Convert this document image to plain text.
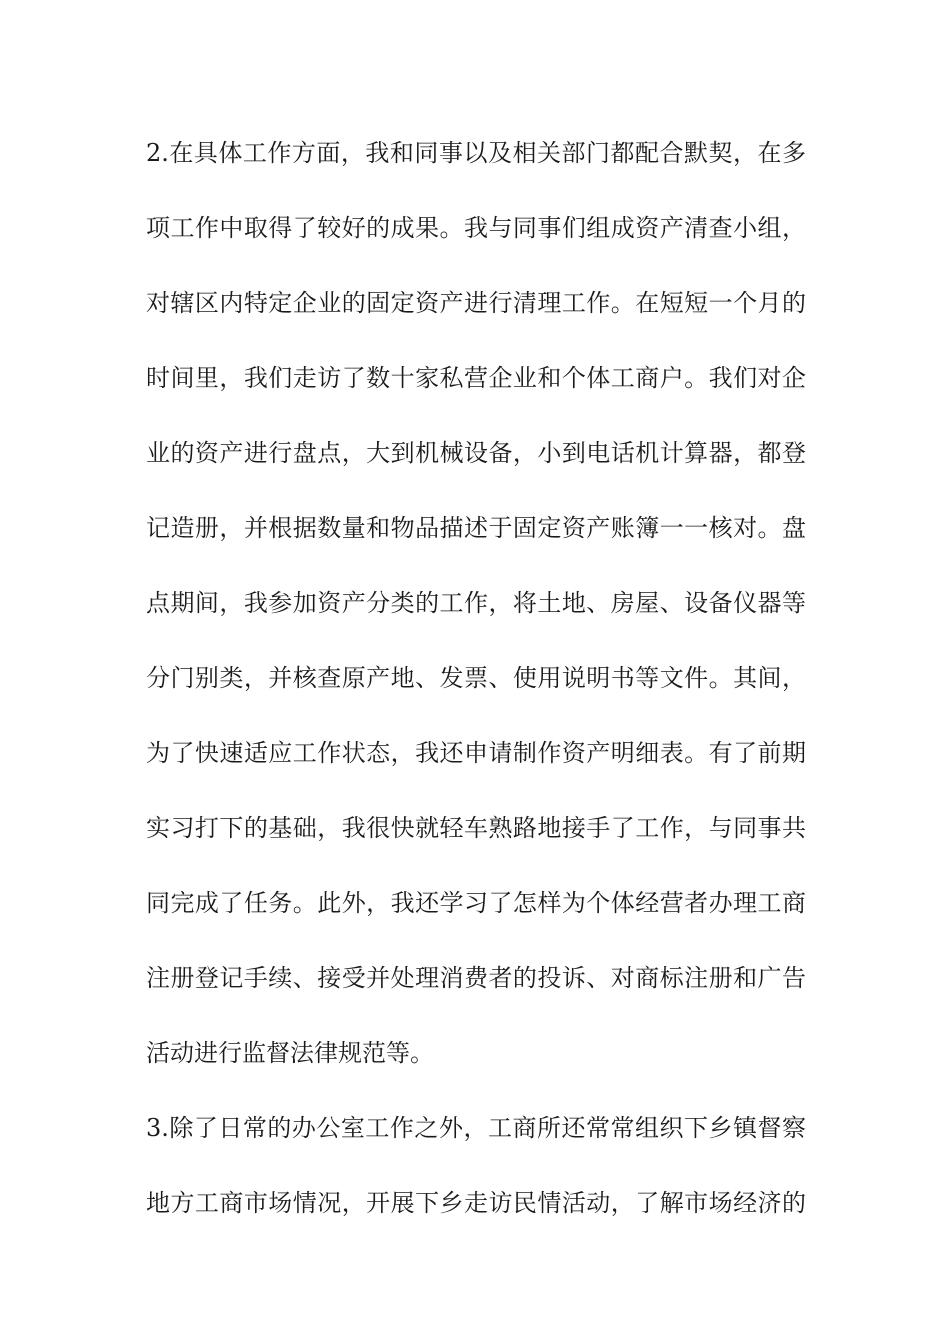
2.在具体工作方面，我和同事以及相关部门都配合默契，在多
项工作中取得了较好的成果。我与同事们组成资产清查小组，
对辖区内特定企业的固定资产进行清理工作。在短短一个月的
时间里，我们走访了数十家私营企业和个体工商户。我们对企
业的资产进行盘点，大到机械设备，小到电话机计算器，都登
记造册，并根据数量和物品描述于固定资产账簿一一核对。盘
点期间，我参加资产分类的工作，将土地、房屋、设备仪器等
分门别类，并核查原产地、发票、使用说明书等文件。其间，
为了快速适应工作状态，我还申请制作资产明细表。有了前期
实习打下的基础，我很快就轻车熟路地接手了工作，与同事共
同完成了任务。此外，我还学习了怎样为个体经营者办理工商
注册登记手续、接受并处理消费者的投诉、对商标注册和广告
活动进行监督法律规范等。
3.除了日常的办公室工作之外，工商所还常常组织下乡镇督察
地方工商市场情况，开展下乡走访民情活动，了解市场经济的
